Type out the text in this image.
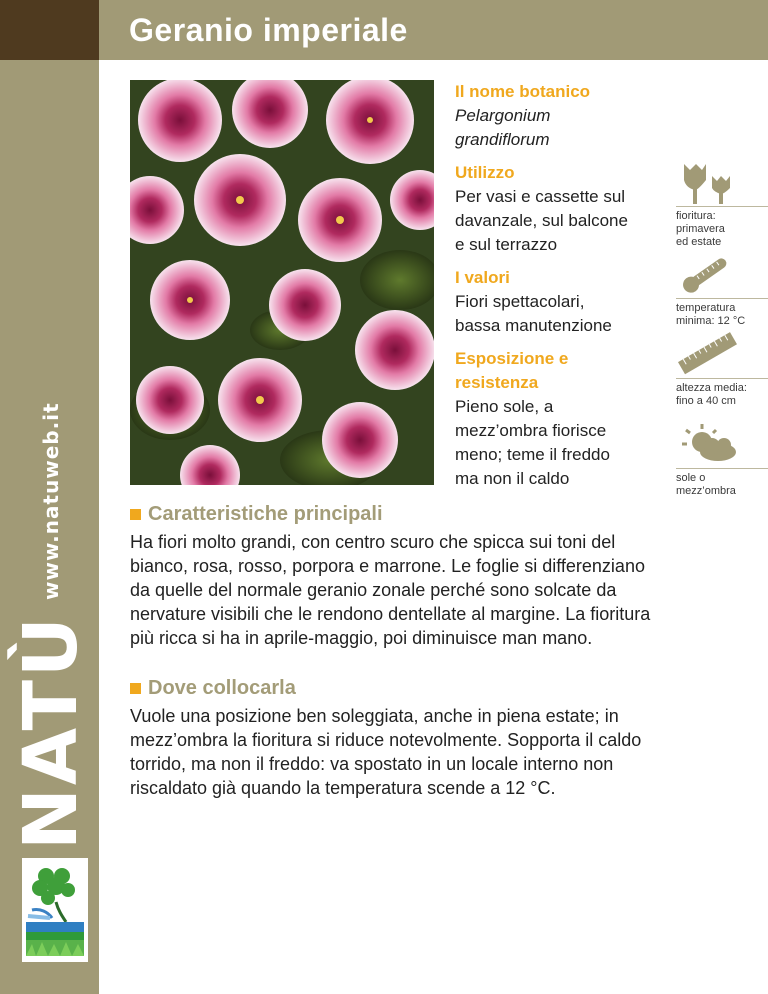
Geranio imperiale
NATÙ
www.natuweb.it

Il nome botanico

Pelargonium

grandiflorum

Utilizzo

Per vasi e cassette sul

davanzale, sul balcone

e sul terrazzo

I valori

Fiori spettacolari,

bassa manutenzione

Esposizione e

resistenza

Pieno sole, a

mezz’ombra fiorisce

meno; teme il freddo

ma non il caldo

fioritura:
primavera
ed estate
temperatura
minima: 12 °C
altezza media:
fino a 40 cm
sole o
mezz’ombra
Caratteristiche principali
Ha fiori molto grandi, con centro scuro che spicca sui toni del
bianco, rosa, rosso, porpora e marrone. Le foglie si differenziano
da quelle del normale geranio zonale perché sono solcate da
nervature visibili che le rendono dentellate al margine. La fioritura
più ricca si ha in aprile-maggio, poi diminuisce man mano.
Dove collocarla
Vuole una posizione ben soleggiata, anche in piena estate; in
mezz’ombra la fioritura si riduce notevolmente. Sopporta il caldo
torrido, ma non il freddo: va spostato in un locale interno non
riscaldato già quando la temperatura scende a 12 °C.
